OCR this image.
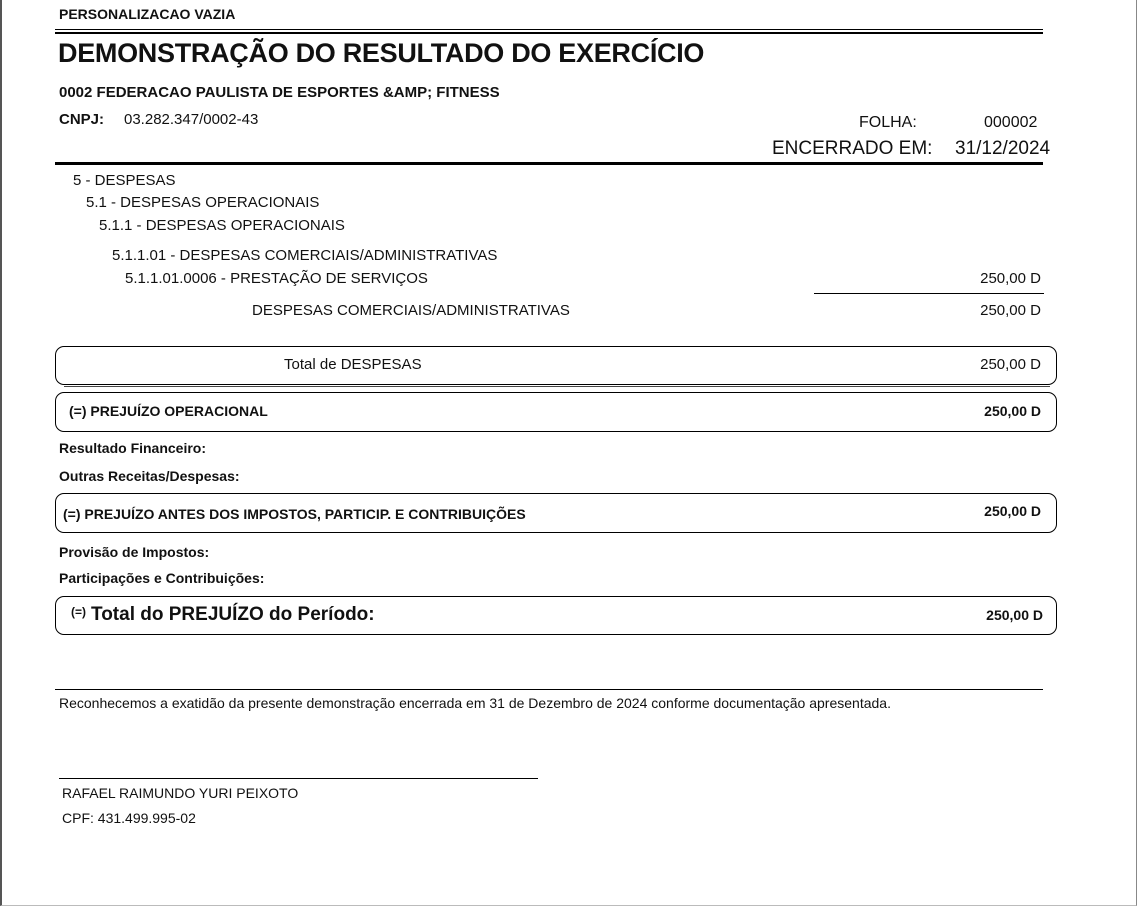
PERSONALIZACAO VAZIA
DEMONSTRAÇÃO DO RESULTADO DO EXERCÍCIO
0002 FEDERACAO PAULISTA DE ESPORTES &AMP; FITNESS
CNPJ: 03.282.347/0002-43	FOLHA:	000002
ENCERRADO EM: 31/12/2024
5 - DESPESAS
5.1 - DESPESAS OPERACIONAIS
5.1.1 - DESPESAS OPERACIONAIS
5.1.1.01 - DESPESAS COMERCIAIS/ADMINISTRATIVAS
5.1.1.01.0006 - PRESTAÇÃO DE SERVIÇOS	250,00 D
DESPESAS COMERCIAIS/ADMINISTRATIVAS	250,00 D
Total de DESPESAS	250,00 D
(=) PREJUÍZO OPERACIONAL	250,00 D
Resultado Financeiro:
Outras Receitas/Despesas:
(=) PREJUÍZO ANTES DOS IMPOSTOS, PARTICIP. E CONTRIBUIÇÕES	250,00 D
Provisão de Impostos:
Participações e Contribuições:
(=) Total do PREJUÍZO do Período:	250,00 D
Reconhecemos a exatidão da presente demonstração encerrada em 31 de Dezembro de 2024 conforme documentação apresentada.
RAFAEL RAIMUNDO YURI PEIXOTO
CPF: 431.499.995-02
